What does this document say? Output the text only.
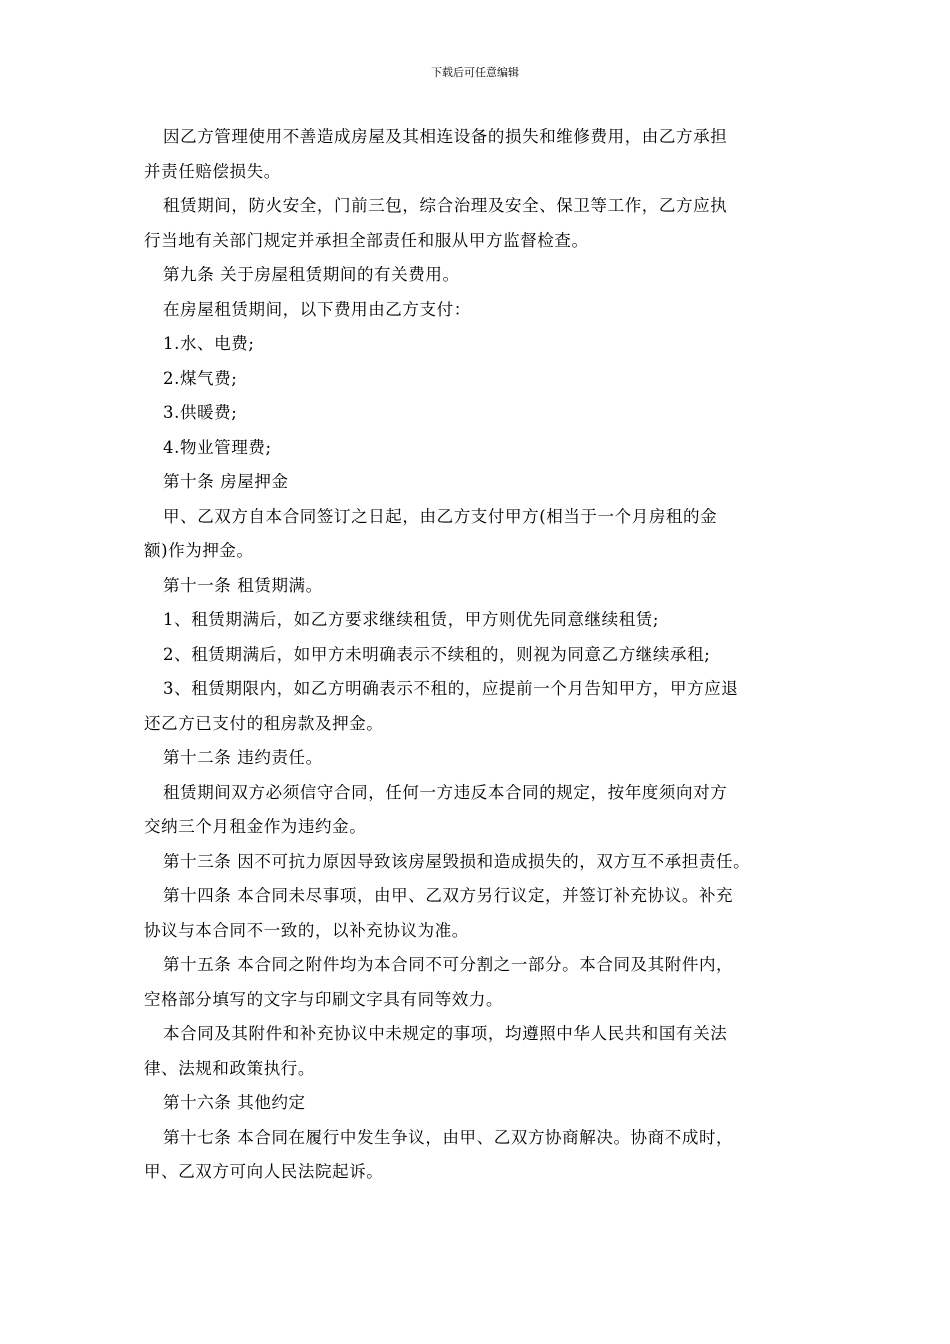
下载后可任意编辑
因乙方管理使用不善造成房屋及其相连设备的损失和维修费用，由乙方承担
并责任赔偿损失。
租赁期间，防火安全，门前三包，综合治理及安全、保卫等工作，乙方应执
行当地有关部门规定并承担全部责任和服从甲方监督检查。
第九条 关于房屋租赁期间的有关费用。
在房屋租赁期间，以下费用由乙方支付：
1.水、电费;
2.煤气费;
3.供暖费;
4.物业管理费;
第十条 房屋押金
甲、乙双方自本合同签订之日起，由乙方支付甲方(相当于一个月房租的金
额)作为押金。
第十一条 租赁期满。
1、租赁期满后，如乙方要求继续租赁，甲方则优先同意继续租赁;
2、租赁期满后，如甲方未明确表示不续租的，则视为同意乙方继续承租;
3、租赁期限内，如乙方明确表示不租的，应提前一个月告知甲方，甲方应退
还乙方已支付的租房款及押金。
第十二条 违约责任。
租赁期间双方必须信守合同，任何一方违反本合同的规定，按年度须向对方
交纳三个月租金作为违约金。
第十三条 因不可抗力原因导致该房屋毁损和造成损失的，双方互不承担责任。
第十四条 本合同未尽事项，由甲、乙双方另行议定，并签订补充协议。补充
协议与本合同不一致的，以补充协议为准。
第十五条 本合同之附件均为本合同不可分割之一部分。本合同及其附件内，
空格部分填写的文字与印刷文字具有同等效力。
本合同及其附件和补充协议中未规定的事项，均遵照中华人民共和国有关法
律、法规和政策执行。
第十六条 其他约定
第十七条 本合同在履行中发生争议，由甲、乙双方协商解决。协商不成时，
甲、乙双方可向人民法院起诉。
